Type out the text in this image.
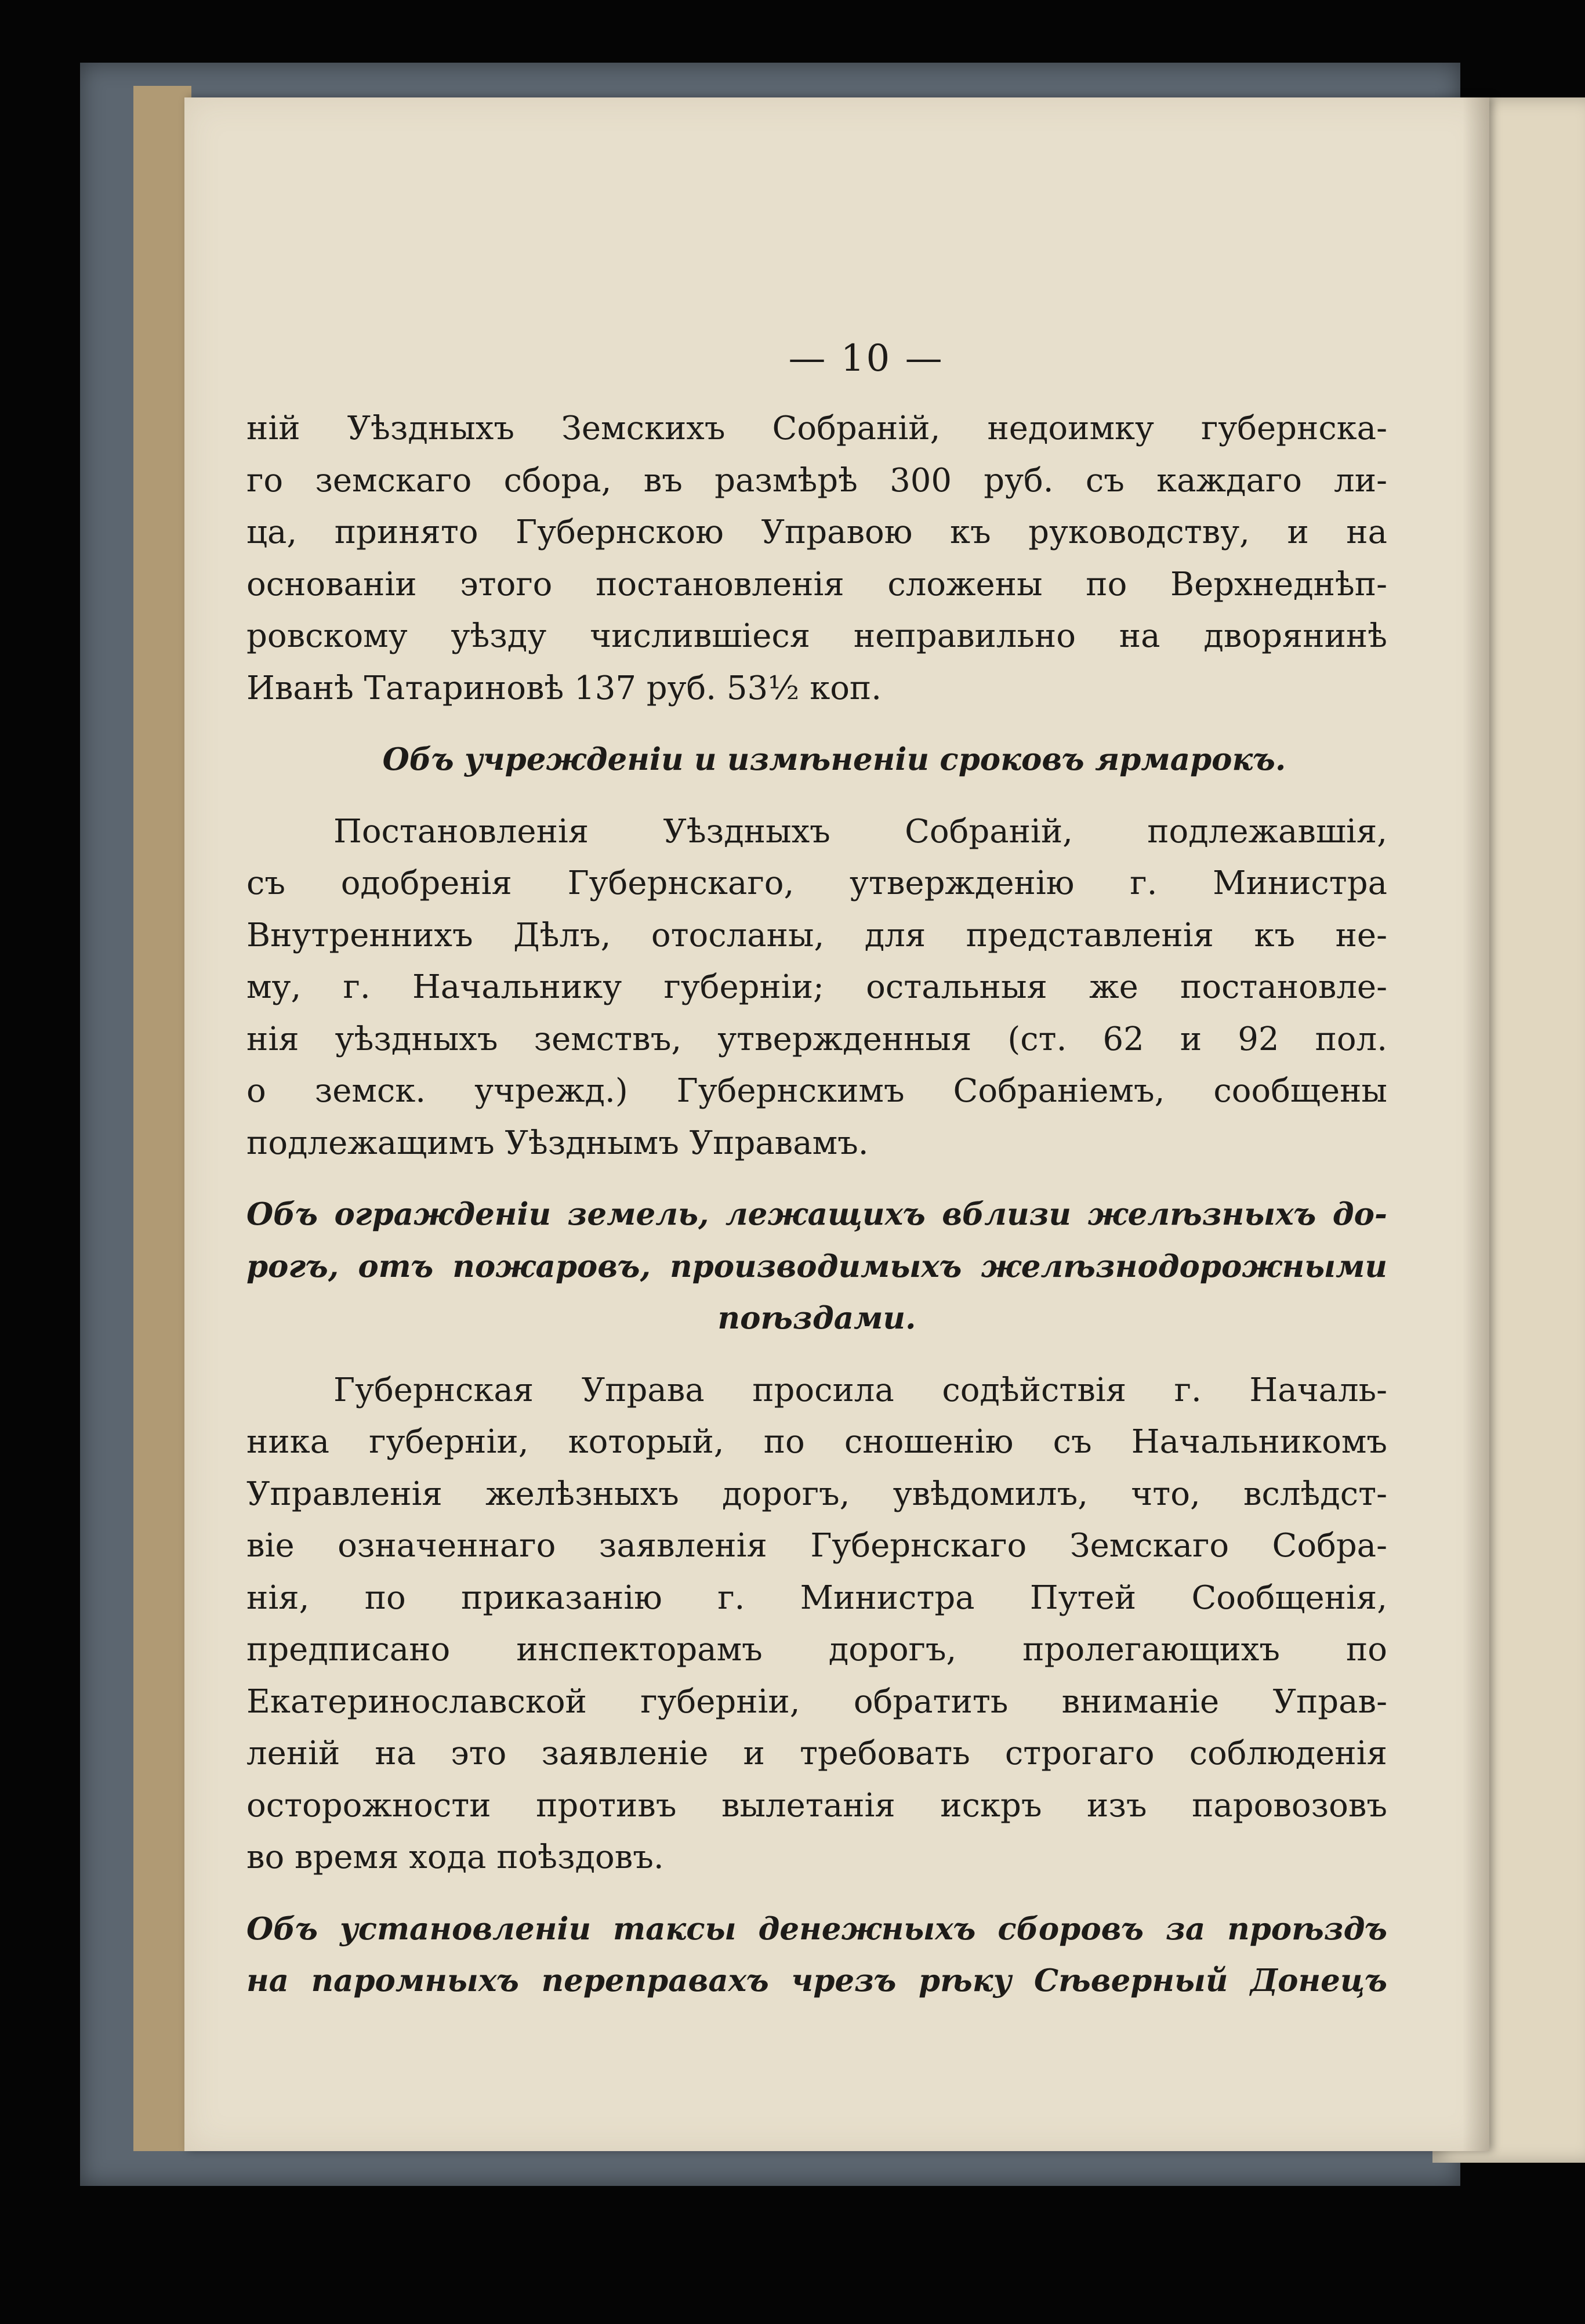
— 10 —
ній Уѣздныхъ Земскихъ Собраній, недоимку губернска-
го земскаго сбора, въ размѣрѣ 300 руб. съ каждаго ли-
ца, принято Губернскою Управою къ руководству, и на
основаніи этого постановленія сложены по Верхнеднѣп-
ровскому уѣзду числившіеся неправильно на дворянинѣ
Иванѣ Татариновѣ 137 руб. 53½ коп.
Объ учрежденіи и измѣненіи сроковъ ярмарокъ.
Постановленія Уѣздныхъ Собраній, подлежавшія,
съ одобренія Губернскаго, утвержденію г. Министра
Внутреннихъ Дѣлъ, отосланы, для представленія къ не-
му, г. Начальнику губерніи; остальныя же постановле-
нія уѣздныхъ земствъ, утвержденныя (ст. 62 и 92 пол.
о земск. учрежд.) Губернскимъ Собраніемъ, сообщены
подлежащимъ Уѣзднымъ Управамъ.
Объ огражденіи земель, лежащихъ вблизи желѣзныхъ до-
рогъ, отъ пожаровъ, производимыхъ желѣзнодорожными
поѣздами.
Губернская Управа просила содѣйствія г. Началь-
ника губерніи, который, по сношенію съ Начальникомъ
Управленія желѣзныхъ дорогъ, увѣдомилъ, что, вслѣдст-
віе означеннаго заявленія Губернскаго Земскаго Собра-
нія, по приказанію г. Министра Путей Сообщенія,
предписано инспекторамъ дорогъ, пролегающихъ по
Екатеринославской губерніи, обратить вниманіе Управ-
леній на это заявленіе и требовать строгаго соблюденія
осторожности противъ вылетанія искръ изъ паровозовъ
во время хода поѣздовъ.
Объ установленіи таксы денежныхъ сборовъ за проѣздъ
на паромныхъ переправахъ чрезъ рѣку Сѣверный Донецъ
